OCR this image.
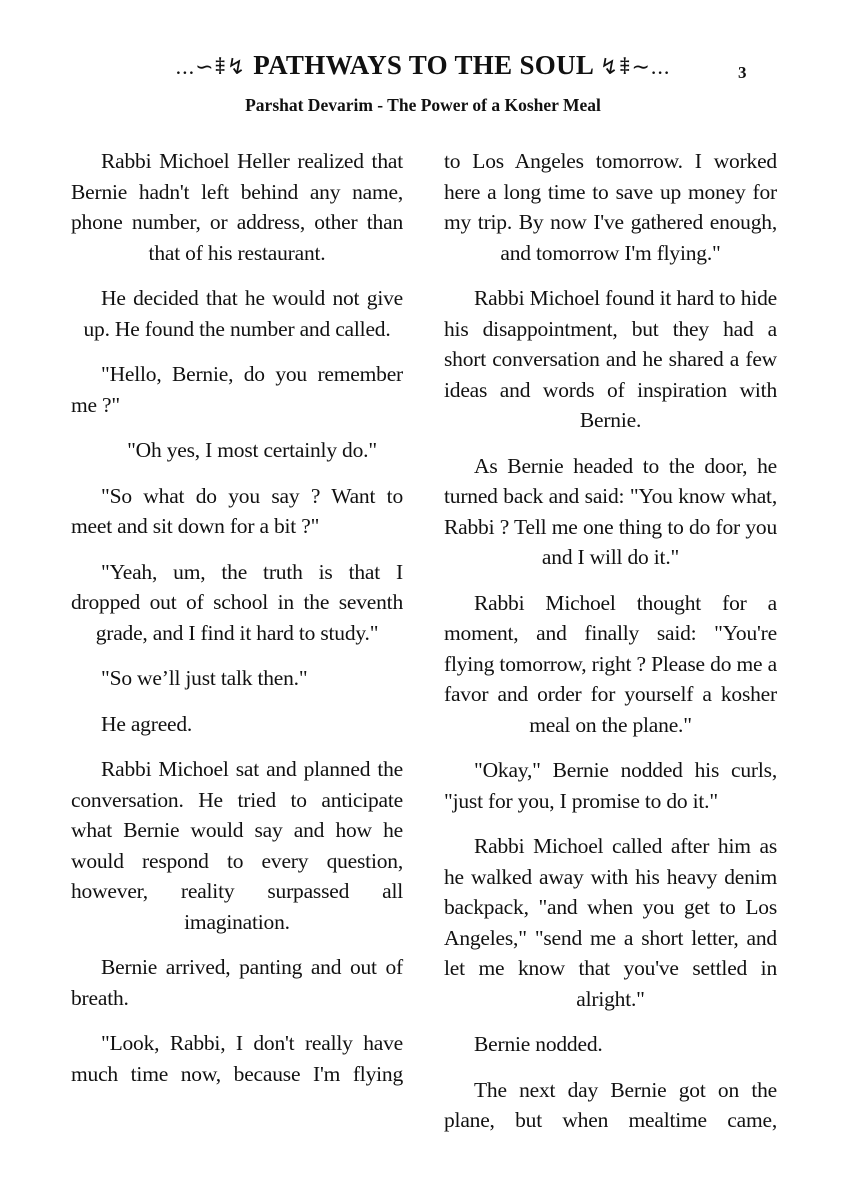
...∽⹋↯ PATHWAYS TO THE SOUL ↯⹋∼...	3
Parshat Devarim - The Power of a Kosher Meal

Rabbi Michoel Heller realized that Bernie hadn't left behind any name, phone number, or address, other than that of his restaurant.

He decided that he would not give up. He found the number and called.

"Hello, Bernie, do you remember me ?"

"Oh yes, I most certainly do."

"So what do you say ? Want to meet and sit down for a bit ?"

"Yeah, um, the truth is that I dropped out of school in the seventh grade, and I find it hard to study."

"So we’ll just talk then."

He agreed.

Rabbi Michoel sat and planned the conversation. He tried to anticipate what Bernie would say and how he would respond to every question, however, reality surpassed all imagination.

Bernie arrived, panting and out of breath.

"Look, Rabbi, I don't really have much time now, because I'm flying

to Los Angeles tomorrow. I worked here a long time to save up money for my trip. By now I've gathered enough, and tomorrow I'm flying."

Rabbi Michoel found it hard to hide his disappointment, but they had a short conversation and he shared a few ideas and words of inspiration with Bernie.

As Bernie headed to the door, he turned back and said: "You know what, Rabbi ? Tell me one thing to do for you and I will do it."

Rabbi Michoel thought for a moment, and finally said: "You're flying tomorrow, right ? Please do me a favor and order for yourself a kosher meal on the plane."

"Okay," Bernie nodded his curls, "just for you, I promise to do it."

Rabbi Michoel called after him as he walked away with his heavy denim backpack, "and when you get to Los Angeles," "send me a short letter, and let me know that you've settled in alright."

Bernie nodded.

The next day Bernie got on the plane, but when mealtime came,
